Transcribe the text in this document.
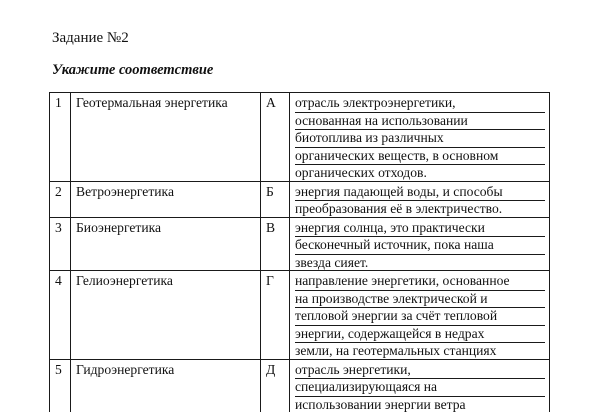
Задание №2
Укажите соответствие
1	Геотермальная энергетика	А	отрасль электроэнергетики,
основанная на использовании
биотоплива из различных
органических веществ, в основном
органических отходов.

2	Ветроэнергетика	Б	энергия падающей воды, и способы
преобразования её в электричество.

3	Биоэнергетика	В	энергия солнца, это практически
бесконечный источник, пока наша
звезда сияет.

4	Гелиоэнергетика	Г	направление энергетики, основанное
на производстве электрической и
тепловой энергии за счёт тепловой
энергии, содержащейся в недрах
земли, на геотермальных станциях

5	Гидроэнергетика	Д	отрасль энергетики,
специализирующаяся на
использовании энергии ветра
